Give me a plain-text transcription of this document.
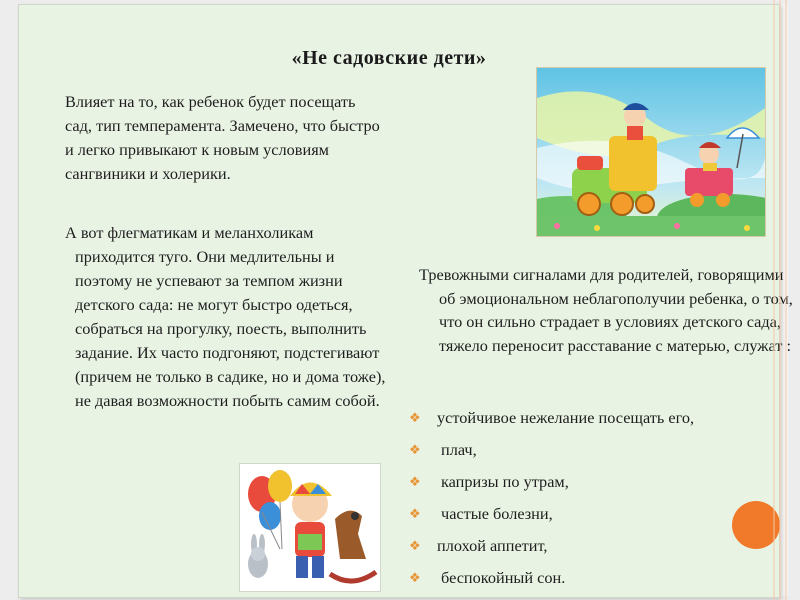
«Не садовские дети»
Влияет на то, как ребенок будет посещать сад, тип темперамента. Замечено, что быстро и легко привыкают к новым условиям сангвиники и холерики.
А вот флегматикам и меланхоликам приходится туго. Они медлительны и поэтому не успевают за темпом жизни детского сада: не могут быстро одеться, собраться на прогулку, поесть, выполнить задание. Их часто подгоняют, подстегивают (причем не только в садике, но и дома тоже), не давая возможности побыть самим собой.
Тревожными сигналами для родителей, говорящими об эмоциональном неблагополучии ребенка, о том, что он сильно страдает в условиях детского сада, тяжело переносит расставание с матерью, служат :
❖ устойчивое нежелание посещать его,
❖ плач,
❖ капризы по утрам,
❖ частые болезни,
❖ плохой аппетит,
❖ беспокойный сон.
